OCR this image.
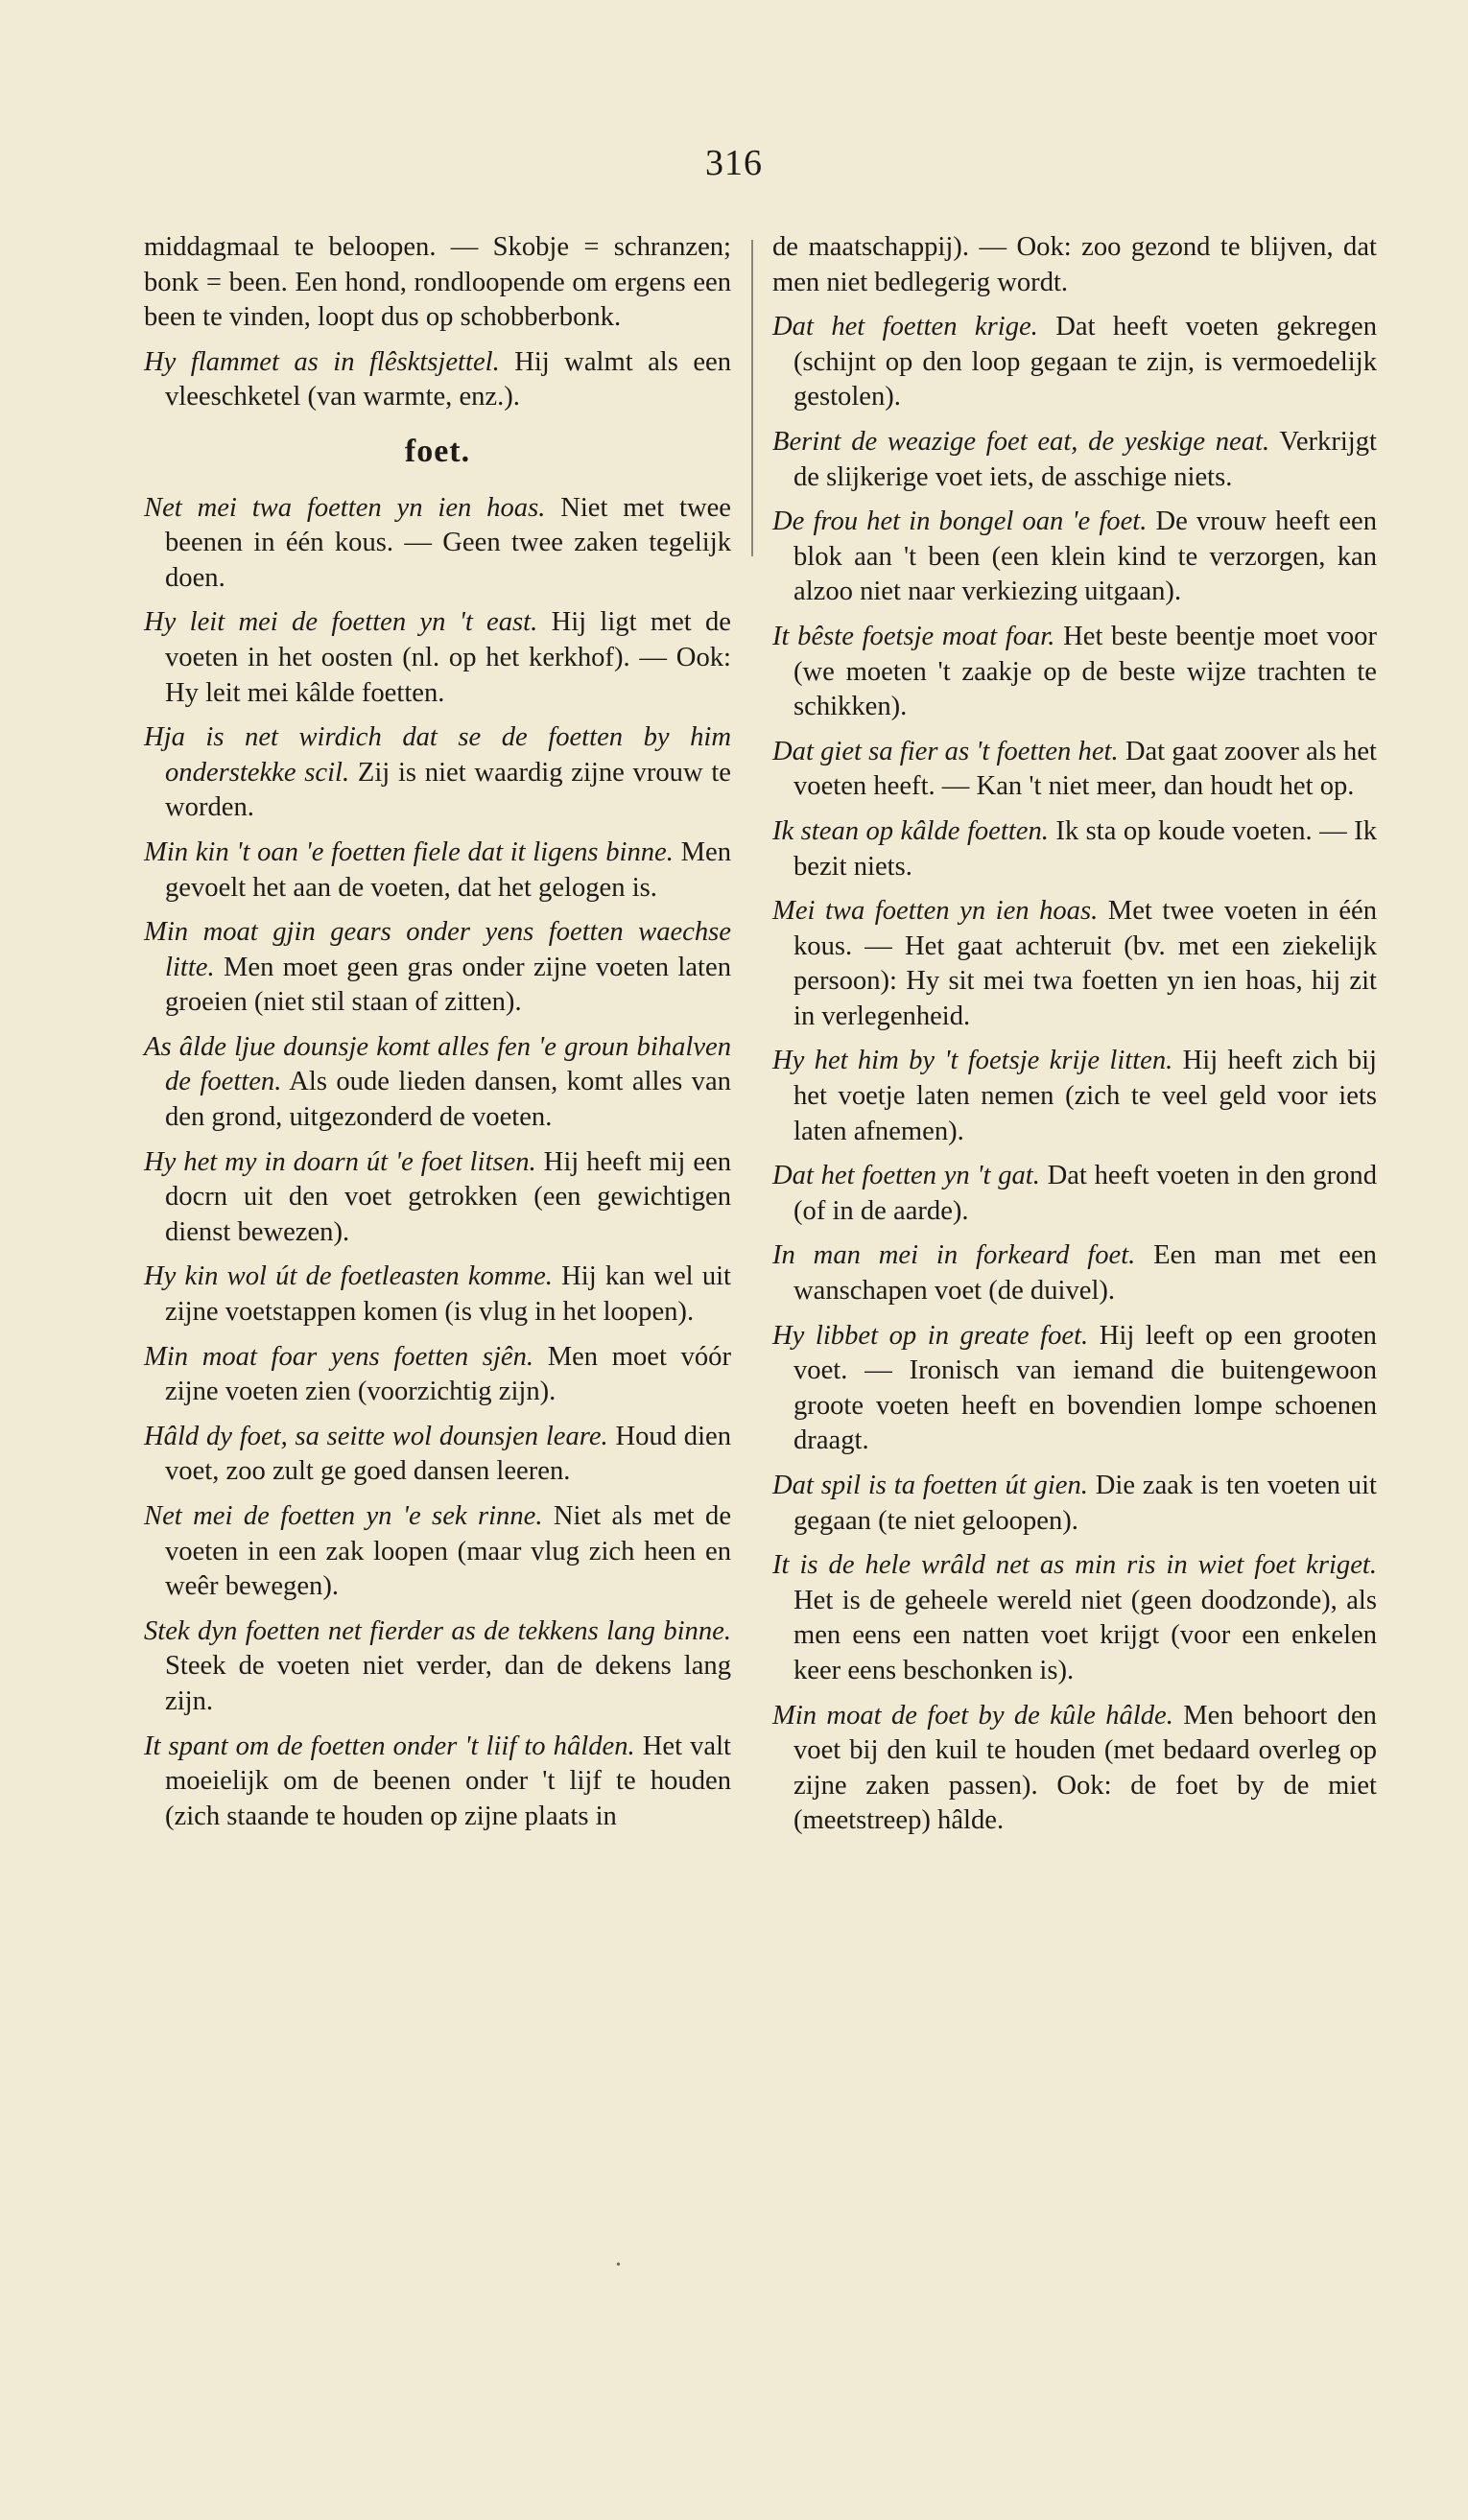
316

middagmaal te beloopen. — Skobje = schranzen; bonk = been. Een hond, rondloopende om ergens een been te vinden, loopt dus op schobberbonk.

Hy flammet as in flêsktsjettel. Hij walmt als een vleeschketel (van warmte, enz.).

foet.

Net mei twa foetten yn ien hoas. Niet met twee beenen in één kous. — Geen twee zaken tegelijk doen.

Hy leit mei de foetten yn 't east. Hij ligt met de voeten in het oosten (nl. op het kerkhof). — Ook: Hy leit mei kâlde foetten.

Hja is net wirdich dat se de foetten by him onderstekke scil. Zij is niet waardig zijne vrouw te worden.

Min kin 't oan 'e foetten fiele dat it ligens binne. Men gevoelt het aan de voeten, dat het gelogen is.

Min moat gjin gears onder yens foetten waechse litte. Men moet geen gras onder zijne voeten laten groeien (niet stil staan of zitten).

As âlde ljue dounsje komt alles fen 'e groun bihalven de foetten. Als oude lieden dansen, komt alles van den grond, uitgezonderd de voeten.

Hy het my in doarn út 'e foet litsen. Hij heeft mij een docrn uit den voet getrokken (een gewichtigen dienst bewezen).

Hy kin wol út de foetleasten komme. Hij kan wel uit zijne voetstappen komen (is vlug in het loopen).

Min moat foar yens foetten sjên. Men moet vóór zijne voeten zien (voorzichtig zijn).

Hâld dy foet, sa seitte wol dounsjen leare. Houd dien voet, zoo zult ge goed dansen leeren.

Net mei de foetten yn 'e sek rinne. Niet als met de voeten in een zak loopen (maar vlug zich heen en weêr bewegen).

Stek dyn foetten net fierder as de tekkens lang binne. Steek de voeten niet verder, dan de dekens lang zijn.

It spant om de foetten onder 't liif to hâlden. Het valt moeielijk om de beenen onder 't lijf te houden (zich staande te houden op zijne plaats in

de maatschappij). — Ook: zoo gezond te blijven, dat men niet bedlegerig wordt.

Dat het foetten krige. Dat heeft voeten gekregen (schijnt op den loop gegaan te zijn, is vermoedelijk gestolen).

Berint de weazige foet eat, de yeskige neat. Verkrijgt de slijkerige voet iets, de asschige niets.

De frou het in bongel oan 'e foet. De vrouw heeft een blok aan 't been (een klein kind te verzorgen, kan alzoo niet naar verkiezing uitgaan).

It bêste foetsje moat foar. Het beste beentje moet voor (we moeten 't zaakje op de beste wijze trachten te schikken).

Dat giet sa fier as 't foetten het. Dat gaat zoover als het voeten heeft. — Kan 't niet meer, dan houdt het op.

Ik stean op kâlde foetten. Ik sta op koude voeten. — Ik bezit niets.

Mei twa foetten yn ien hoas. Met twee voeten in één kous. — Het gaat achteruit (bv. met een ziekelijk persoon): Hy sit mei twa foetten yn ien hoas, hij zit in verlegenheid.

Hy het him by 't foetsje krije litten. Hij heeft zich bij het voetje laten nemen (zich te veel geld voor iets laten afnemen).

Dat het foetten yn 't gat. Dat heeft voeten in den grond (of in de aarde).

In man mei in forkeard foet. Een man met een wanschapen voet (de duivel).

Hy libbet op in greate foet. Hij leeft op een grooten voet. — Ironisch van iemand die buitengewoon groote voeten heeft en bovendien lompe schoenen draagt.

Dat spil is ta foetten út gien. Die zaak is ten voeten uit gegaan (te niet geloopen).

It is de hele wrâld net as min ris in wiet foet kriget. Het is de geheele wereld niet (geen doodzonde), als men eens een natten voet krijgt (voor een enkelen keer eens beschonken is).

Min moat de foet by de kûle hâlde. Men behoort den voet bij den kuil te houden (met bedaard overleg op zijne zaken passen). Ook: de foet by de miet (meetstreep) hâlde.

•
